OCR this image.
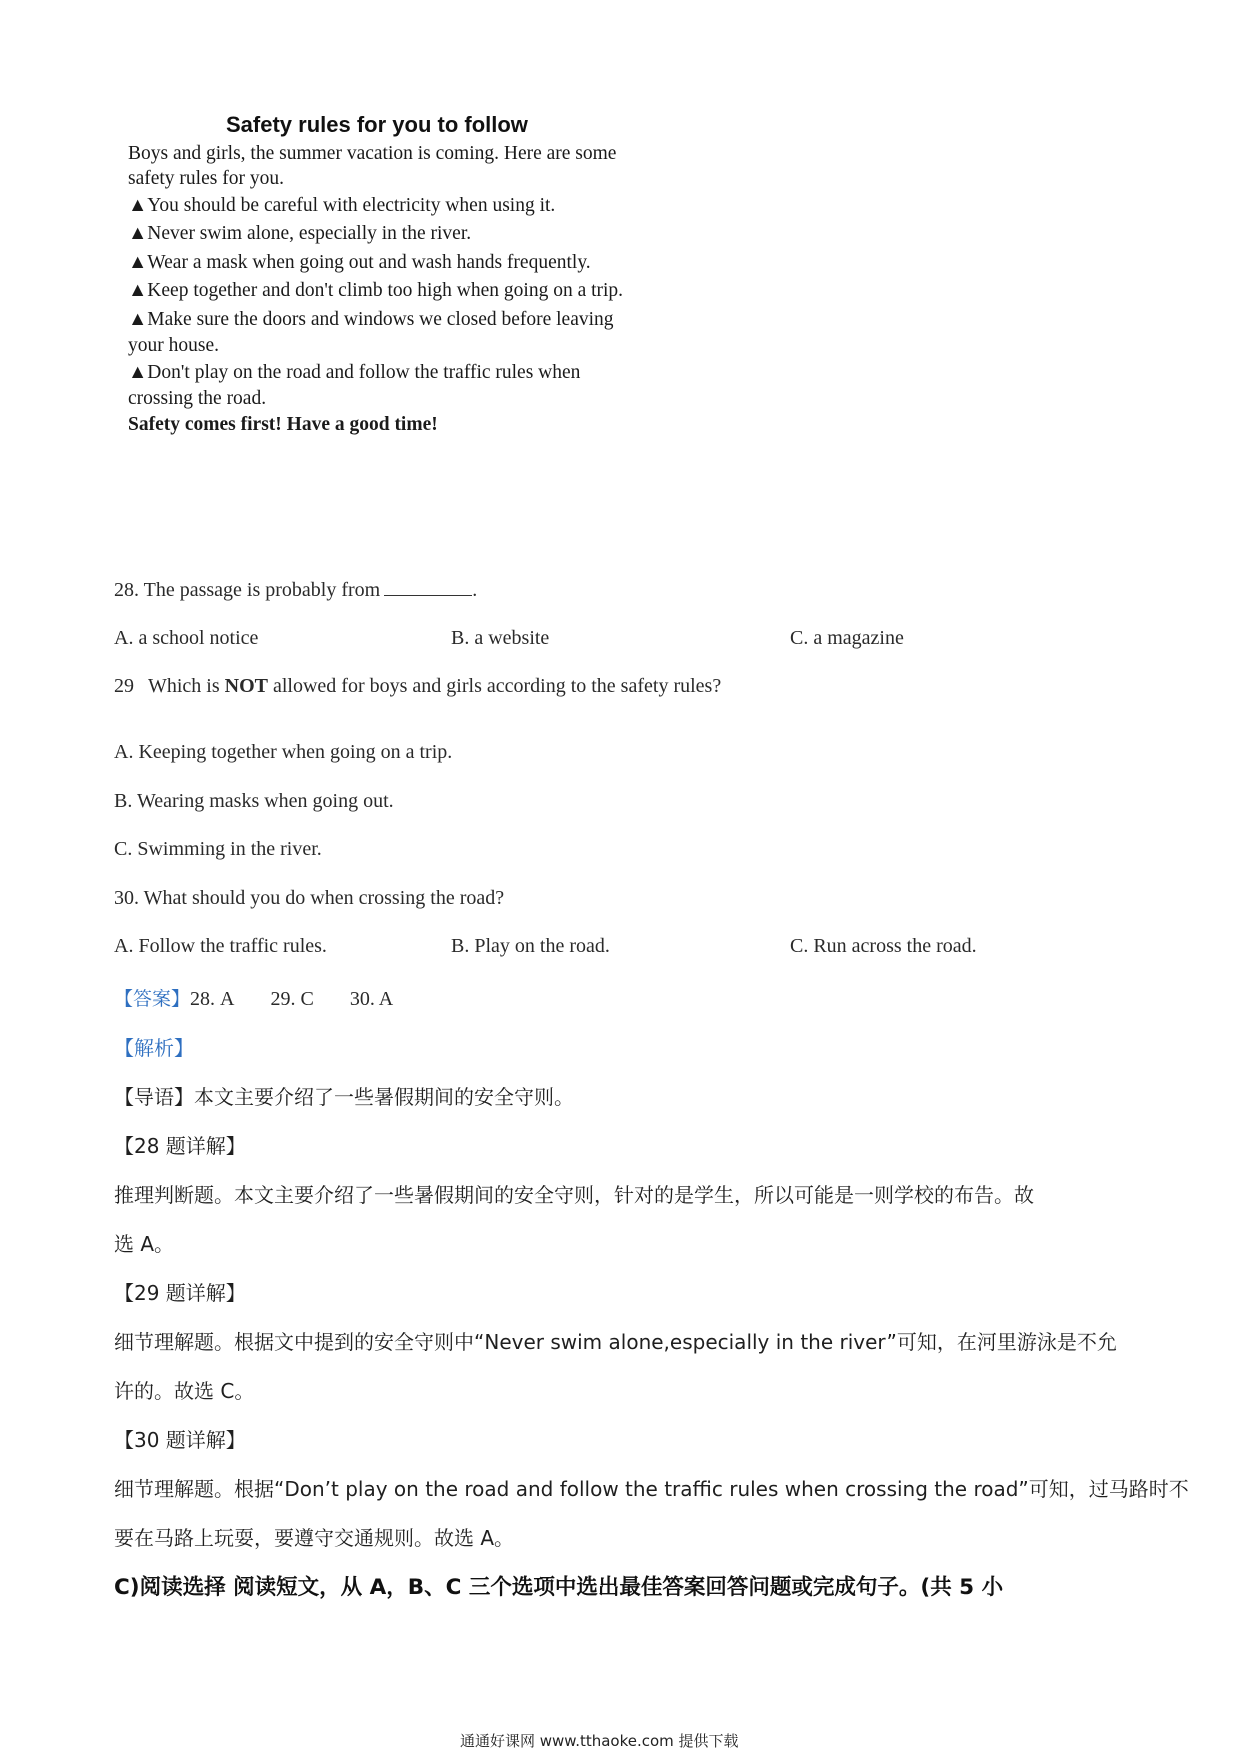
Safety rules for you to follow
Boys and girls, the summer vacation is coming. Here are some
safety rules for you.
▲You should be careful with electricity when using it.
▲Never swim alone, especially in the river.
▲Wear a mask when going out and wash hands frequently.
▲Keep together and don't climb too high when going on a trip.
▲Make sure the doors and windows we closed before leaving
your house.
▲Don't play on the road and follow the traffic rules when
crossing the road.
Safety comes first! Have a good time!
28. The passage is probably from	.
A. a school notice	B. a website	C. a magazine
29 Which is NOT allowed for boys and girls according to the safety rules?
A. Keeping together when going on a trip.
B. Wearing masks when going out.
C. Swimming in the river.
30. What should you do when crossing the road?
A. Follow the traffic rules.	B. Play on the road.	C. Run across the road.
【答案】28. A 29. C 30. A
【解析】
【导语】本文主要介绍了一些暑假期间的安全守则。
【28 题详解】
推理判断题。本文主要介绍了一些暑假期间的安全守则，针对的是学生，所以可能是一则学校的布告。故
选 A。
【29 题详解】
细节理解题。根据文中提到的安全守则中“Never swim alone,especially in the river”可知，在河里游泳是不允
许的。故选 C。
【30 题详解】
细节理解题。根据“Don’t play on the road and follow the traffic rules when crossing the road”可知，过马路时不
要在马路上玩耍，要遵守交通规则。故选 A。
C)阅读选择 阅读短文，从 A，B、C 三个选项中选出最佳答案回答问题或完成句子。(共 5 小
通通好课网 www.tthaoke.com 提供下载
